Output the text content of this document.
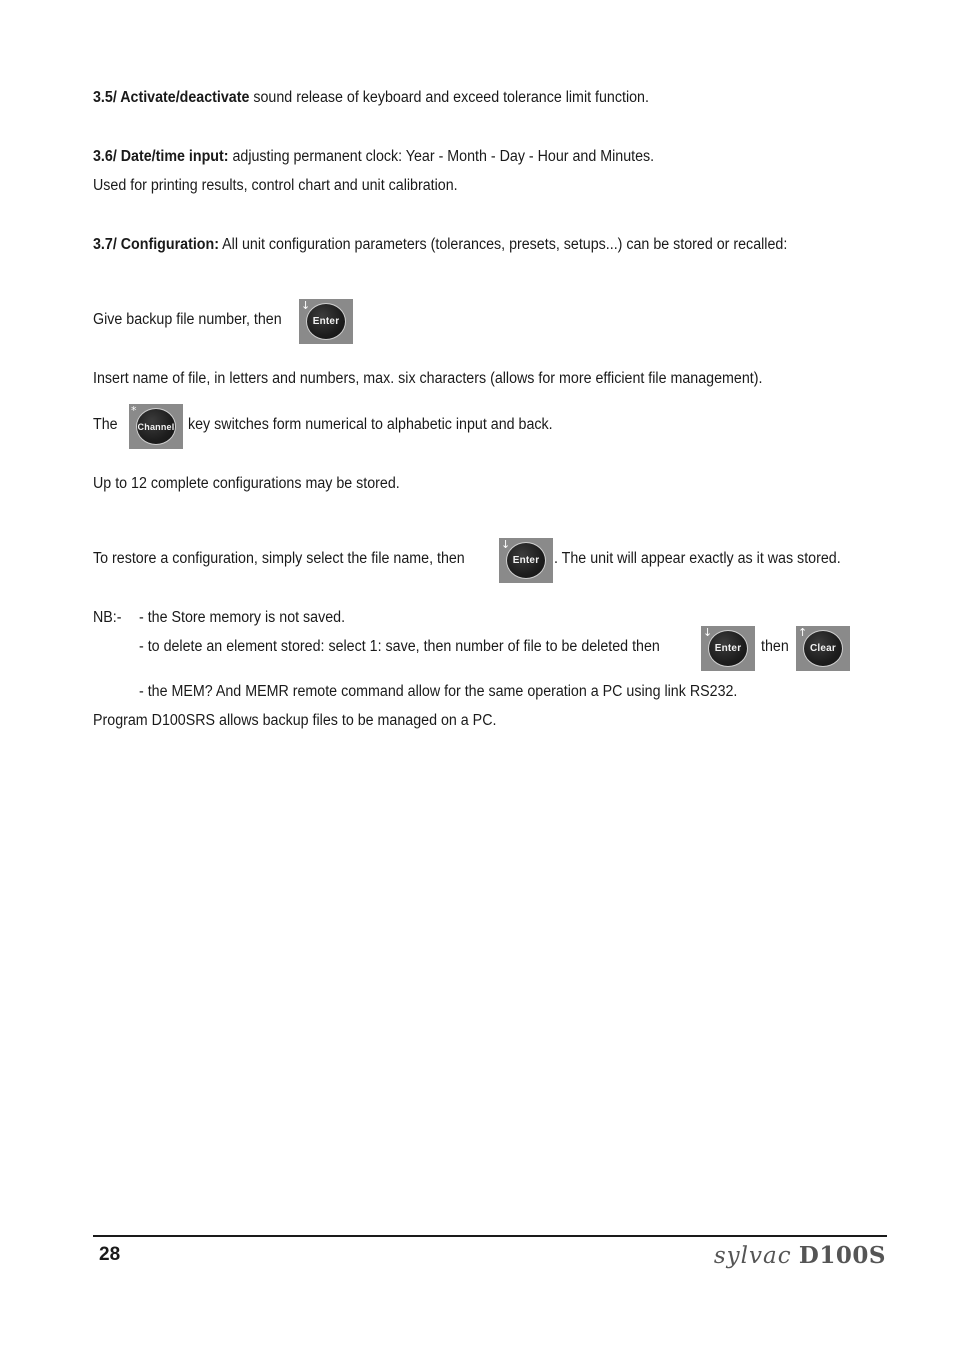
3.5/ Activate/deactivate sound release of keyboard and exceed tolerance limit function.
3.6/ Date/time input: adjusting permanent clock: Year - Month - Day - Hour and Minutes.
Used for printing results, control chart and unit calibration.
3.7/ Configuration: All unit configuration parameters (tolerances, presets, setups...) can be stored or recalled:
Give backup file number, then
↓
Enter
Insert name of file, in letters and numbers, max. six characters (allows for more efficient file management).
The
*
Channel key switches form numerical to alphabetic input and back.
Up to 12 complete configurations may be stored.
To restore a configuration, simply select the file name, then
↓
Enter . The unit will appear exactly as it was stored.
NB:- - the Store memory is not saved.
- to delete an element stored: select 1: save, then number of file to be deleted then
↓
Enter	then
↑
Clear
- the MEM? And MEMR remote command allow for the same operation a PC using link RS232.
Program D100SRS allows backup files to be managed on a PC.
28	sylvac D100S
